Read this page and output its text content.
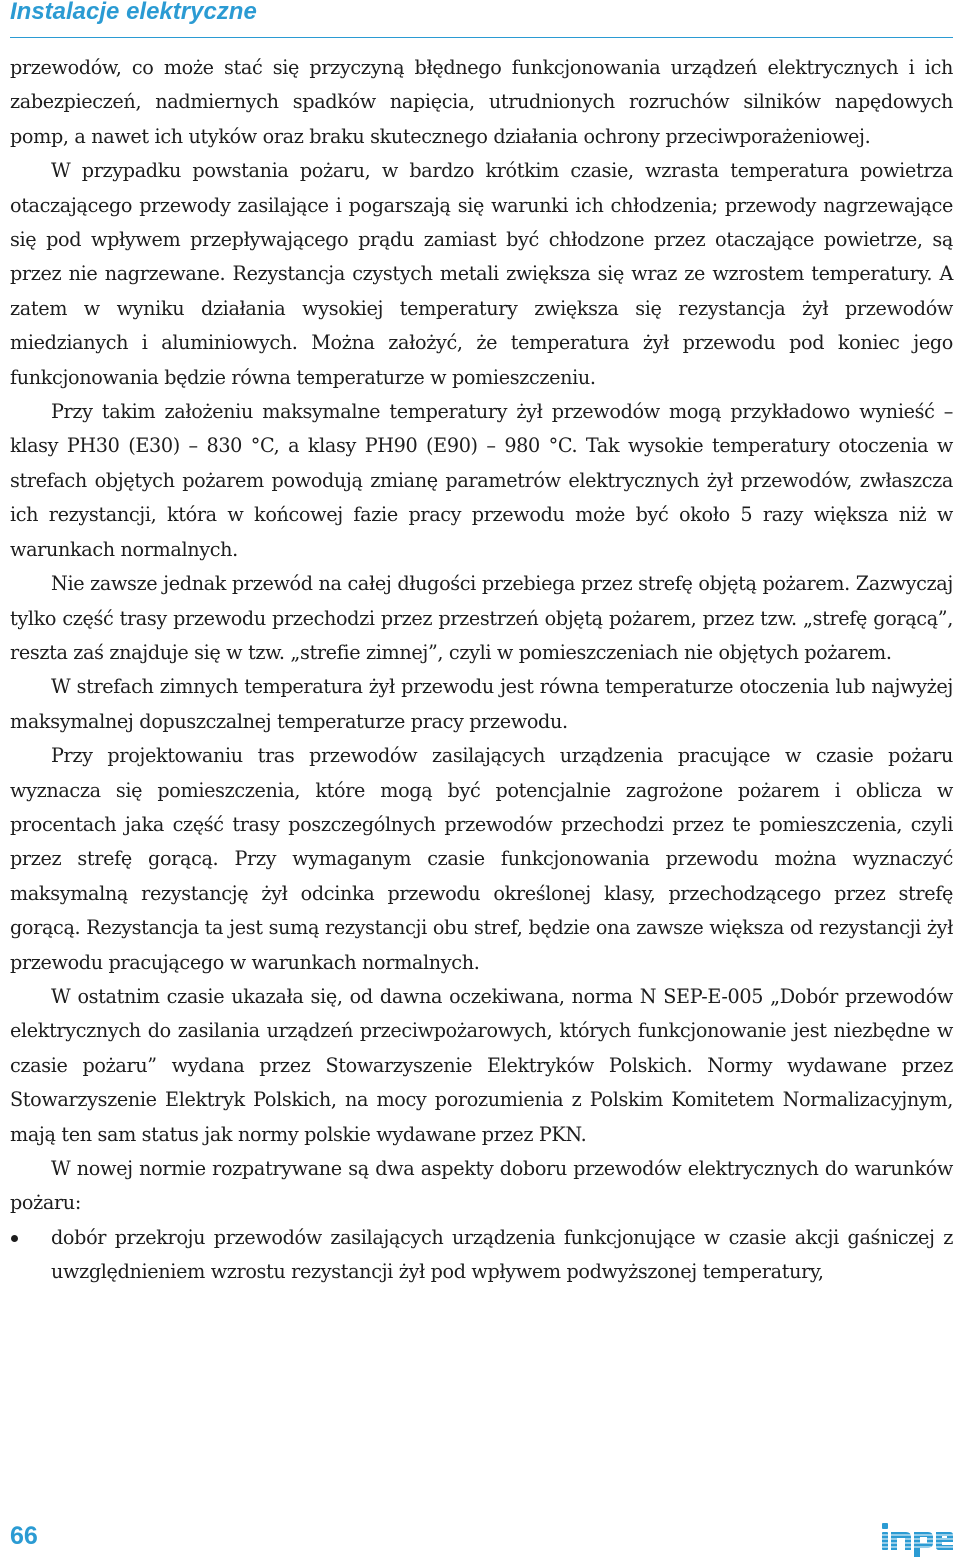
Instalacje elektryczne

przewodów, co może stać się przyczyną błędnego funkcjonowania urządzeń elektrycznych i ich zabezpieczeń, nadmiernych spadków napięcia, utrudnionych rozruchów silników napędowych pomp, a nawet ich utyków oraz braku skutecznego działania ochrony przeciwporażeniowej.

W przypadku powstania pożaru, w bardzo krótkim czasie, wzrasta temperatura powietrza otaczającego przewody zasilające i pogarszają się warunki ich chłodzenia; przewody nagrzewające się pod wpływem przepływającego prądu zamiast być chłodzone przez otaczające powietrze, są przez nie nagrzewane. Rezystancja czystych metali zwiększa się wraz ze wzrostem temperatury. A zatem w wyniku działania wysokiej temperatury zwiększa się rezystancja żył przewodów miedzianych i aluminiowych. Można założyć, że temperatura żył przewodu pod koniec jego funkcjonowania będzie równa temperaturze w pomieszczeniu.

Przy takim założeniu maksymalne temperatury żył przewodów mogą przykładowo wynieść – klasy PH30 (E30) – 830 °C, a klasy PH90 (E90) – 980 °C. Tak wysokie temperatury otoczenia w strefach objętych pożarem powodują zmianę parametrów elektrycznych żył przewodów, zwłaszcza ich rezystancji, która w końcowej fazie pracy przewodu może być około 5 razy większa niż w warunkach normalnych.

Nie zawsze jednak przewód na całej długości przebiega przez strefę objętą pożarem. Zazwyczaj tylko część trasy przewodu przechodzi przez przestrzeń objętą pożarem, przez tzw. „strefę gorącą”, reszta zaś znajduje się w tzw. „strefie zimnej”, czyli w pomieszczeniach nie objętych pożarem.

W strefach zimnych temperatura żył przewodu jest równa temperaturze otoczenia lub najwyżej maksymalnej dopuszczalnej temperaturze pracy przewodu.

Przy projektowaniu tras przewodów zasilających urządzenia pracujące w czasie pożaru wyznacza się pomieszczenia, które mogą być potencjalnie zagrożone pożarem i oblicza w procentach jaka część trasy poszczególnych przewodów przechodzi przez te pomieszczenia, czyli przez strefę gorącą. Przy wymaganym czasie funkcjonowania przewodu można wyznaczyć maksymalną rezystancję żył odcinka przewodu określonej klasy, przechodzącego przez strefę gorącą. Rezystancja ta jest sumą rezystancji obu stref, będzie ona zawsze większa od rezystancji żył przewodu pracującego w warunkach normalnych.

W ostatnim czasie ukazała się, od dawna oczekiwana, norma N SEP-E-005 „Dobór przewodów elektrycznych do zasilania urządzeń przeciwpożarowych, których funkcjonowanie jest niezbędne w czasie pożaru” wydana przez Stowarzyszenie Elektryków Polskich. Normy wydawane przez Stowarzyszenie Elektryk Polskich, na mocy porozumienia z Polskim Komitetem Normalizacyjnym, mają ten sam status jak normy polskie wydawane przez PKN.

W nowej normie rozpatrywane są dwa aspekty doboru przewodów elektrycznych do warunków pożaru:

dobór przekroju przewodów zasilających urządzenia funkcjonujące w czasie akcji gaśniczej z uwzględnieniem wzrostu rezystancji żył pod wpływem podwyższonej temperatury,
66
